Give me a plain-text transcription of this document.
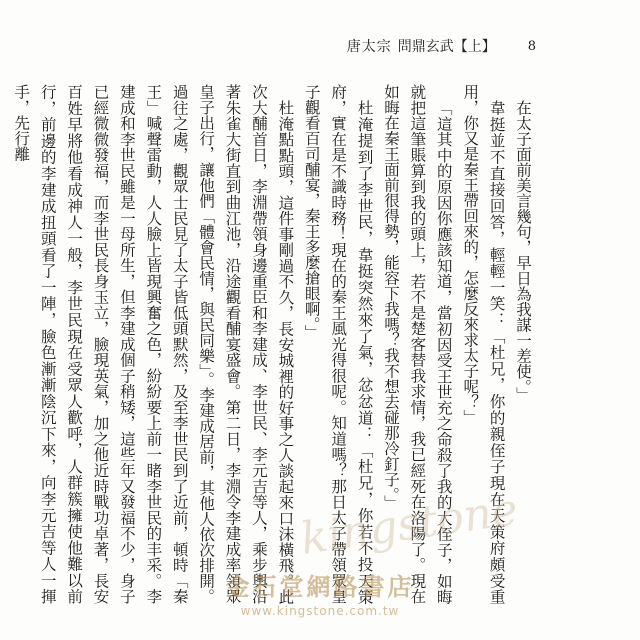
唐太宗 問鼎玄武【上】 8

在太子面前美言幾句，早日為我謀一差使。」

韋挺並不直接回答，輕輕一笑：「杜兄，你的親侄子現在天策府頗受重用，你又是秦王帶回來的，怎麼反來求太子呢？」

「這其中的原因你應該知道，當初因受王世充之命殺了我的大侄子，如晦就把這筆賬算到我的頭上，若不是楚客替我求情，我已經死在洛陽了。現在如晦在秦王面前很得勢，能容下我嗎？我不想去碰那冷釘子。」

杜淹提到了李世民，韋挺突然來了氣，忿忿道：「杜兄，你若不投天策府，實在是不識時務！現在的秦王風光得很呢。知道嗎？那日太子帶領眾皇子觀看百司酺宴，秦王多麼搶眼啊。」

杜淹點點頭，這件事剛過不久，長安城裡的好事之人談起來口沫橫飛。此次大酺首日，李淵帶領身邊重臣和李建成、李世民、李元吉等人，乘步輿沿著朱雀大街直到曲江池，沿途觀看酺宴盛會。第二日，李淵令李建成率領眾皇子出行，讓他們「體會民情，與民同樂」。李建成居前，其他人依次排開。過往之處，觀眾士民見了太子皆低頭默然，及至李世民到了近前，頓時「秦王」喊聲雷動，人人臉上皆現興奮之色，紛紛要上前一睹李世民的丰采。李建成和李世民雖是一母所生，但李建成個子稍矮，這些年又發福不少，身子已經微微發福，而李世民長身玉立，臉現英氣，加之他近時戰功卓著，長安百姓早將他看成神人一般，李世民現在受眾人歡呼，人群簇擁使他難以前行，前邊的李建成扭頭看了一陣，臉色漸漸陰沉下來，向李元吉等人一揮手，先行離

kingstone
金石堂網路書店
www.kingstone.com.tw
